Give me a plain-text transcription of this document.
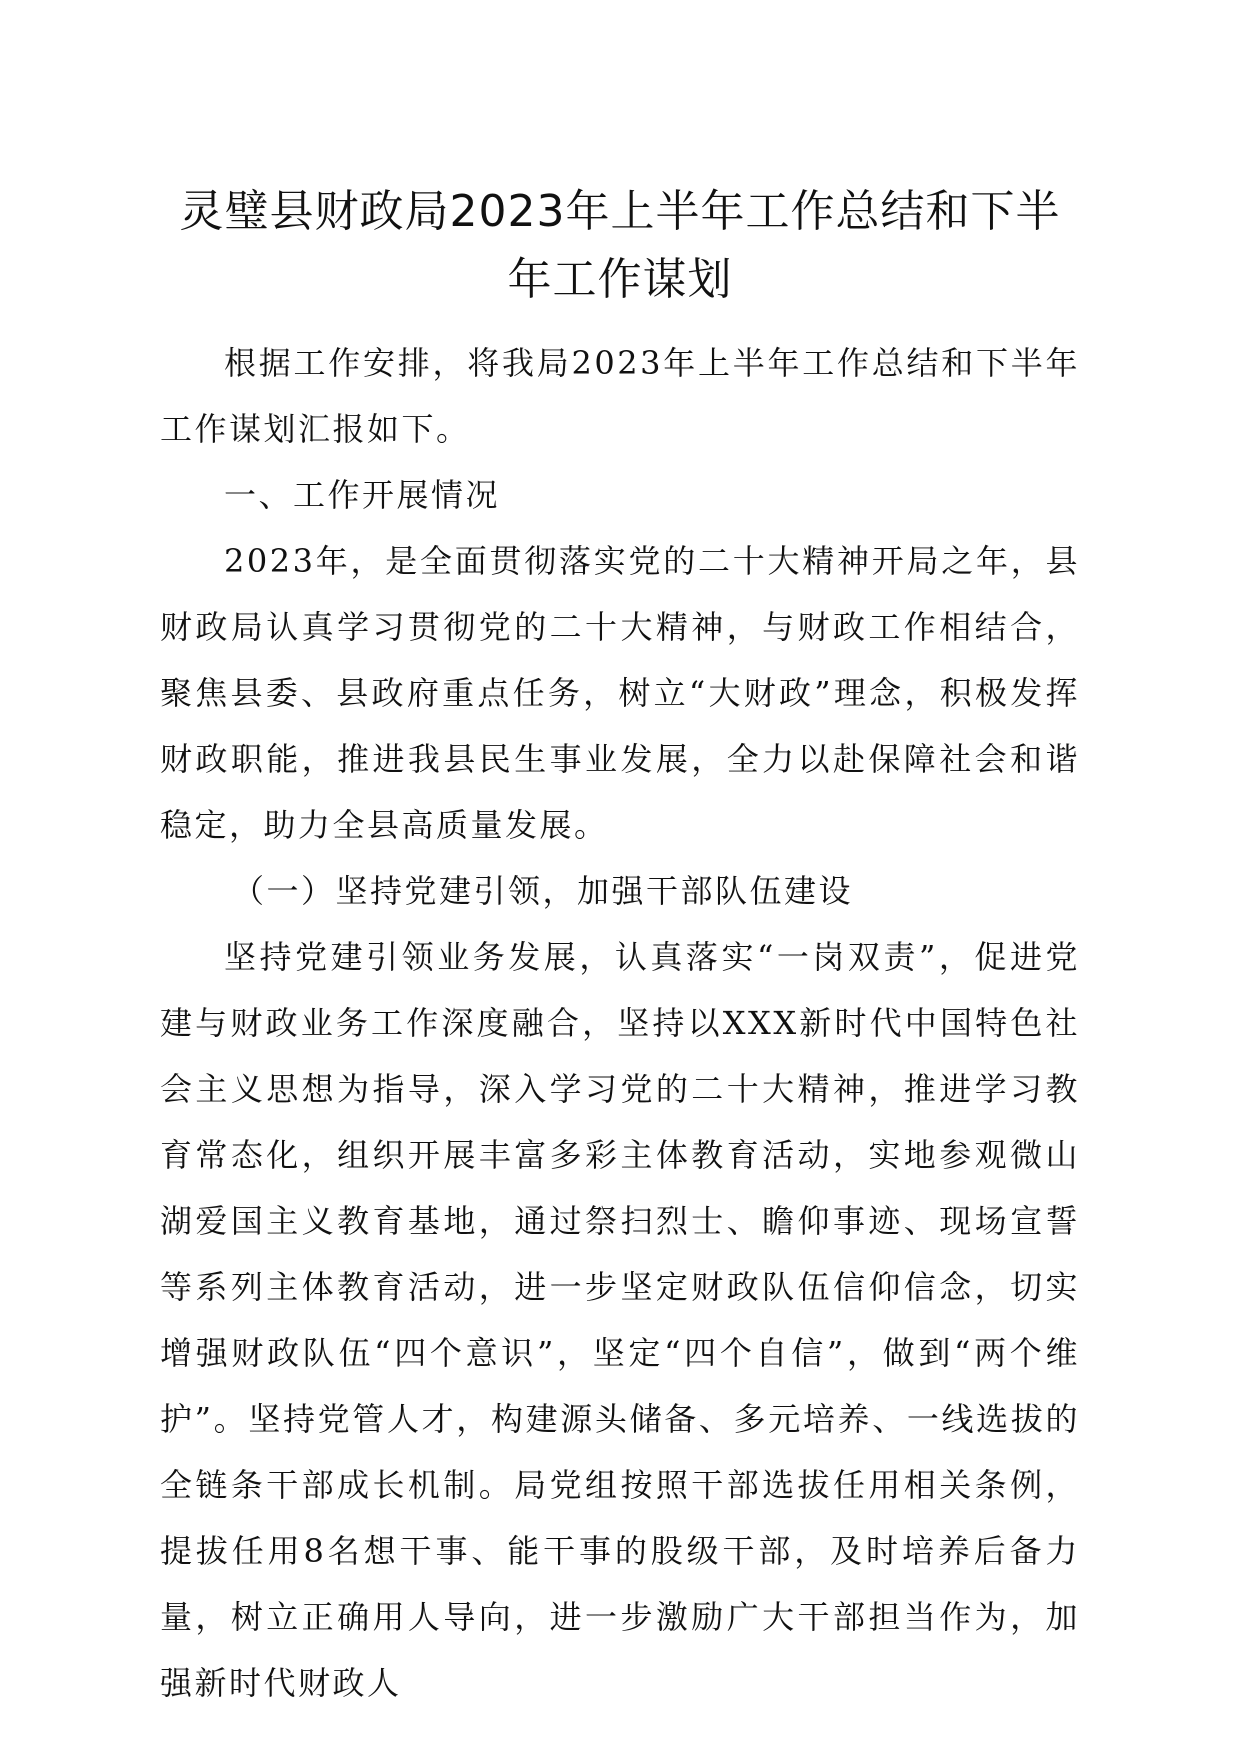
灵璧县财政局2023年上半年工作总结和下半
年工作谋划

根据工作安排，将我局2023年上半年工作总结和下半年工作谋划汇报如下。

一、工作开展情况

2023年，是全面贯彻落实党的二十大精神开局之年，县财政局认真学习贯彻党的二十大精神，与财政工作相结合，聚焦县委、县政府重点任务，树立“大财政”理念，积极发挥财政职能，推进我县民生事业发展，全力以赴保障社会和谐稳定，助力全县高质量发展。

（一）坚持党建引领，加强干部队伍建设

坚持党建引领业务发展，认真落实“一岗双责”，促进党建与财政业务工作深度融合，坚持以XXX新时代中国特色社会主义思想为指导，深入学习党的二十大精神，推进学习教育常态化，组织开展丰富多彩主体教育活动，实地参观微山湖爱国主义教育基地，通过祭扫烈士、瞻仰事迹、现场宣誓等系列主体教育活动，进一步坚定财政队伍信仰信念，切实增强财政队伍“四个意识”，坚定“四个自信”，做到“两个维护”。坚持党管人才，构建源头储备、多元培养、一线选拔的全链条干部成长机制。局党组按照干部选拔任用相关条例，提拔任用8名想干事、能干事的股级干部，及时培养后备力量，树立正确用人导向，进一步激励广大干部担当作为，加强新时代财政人
